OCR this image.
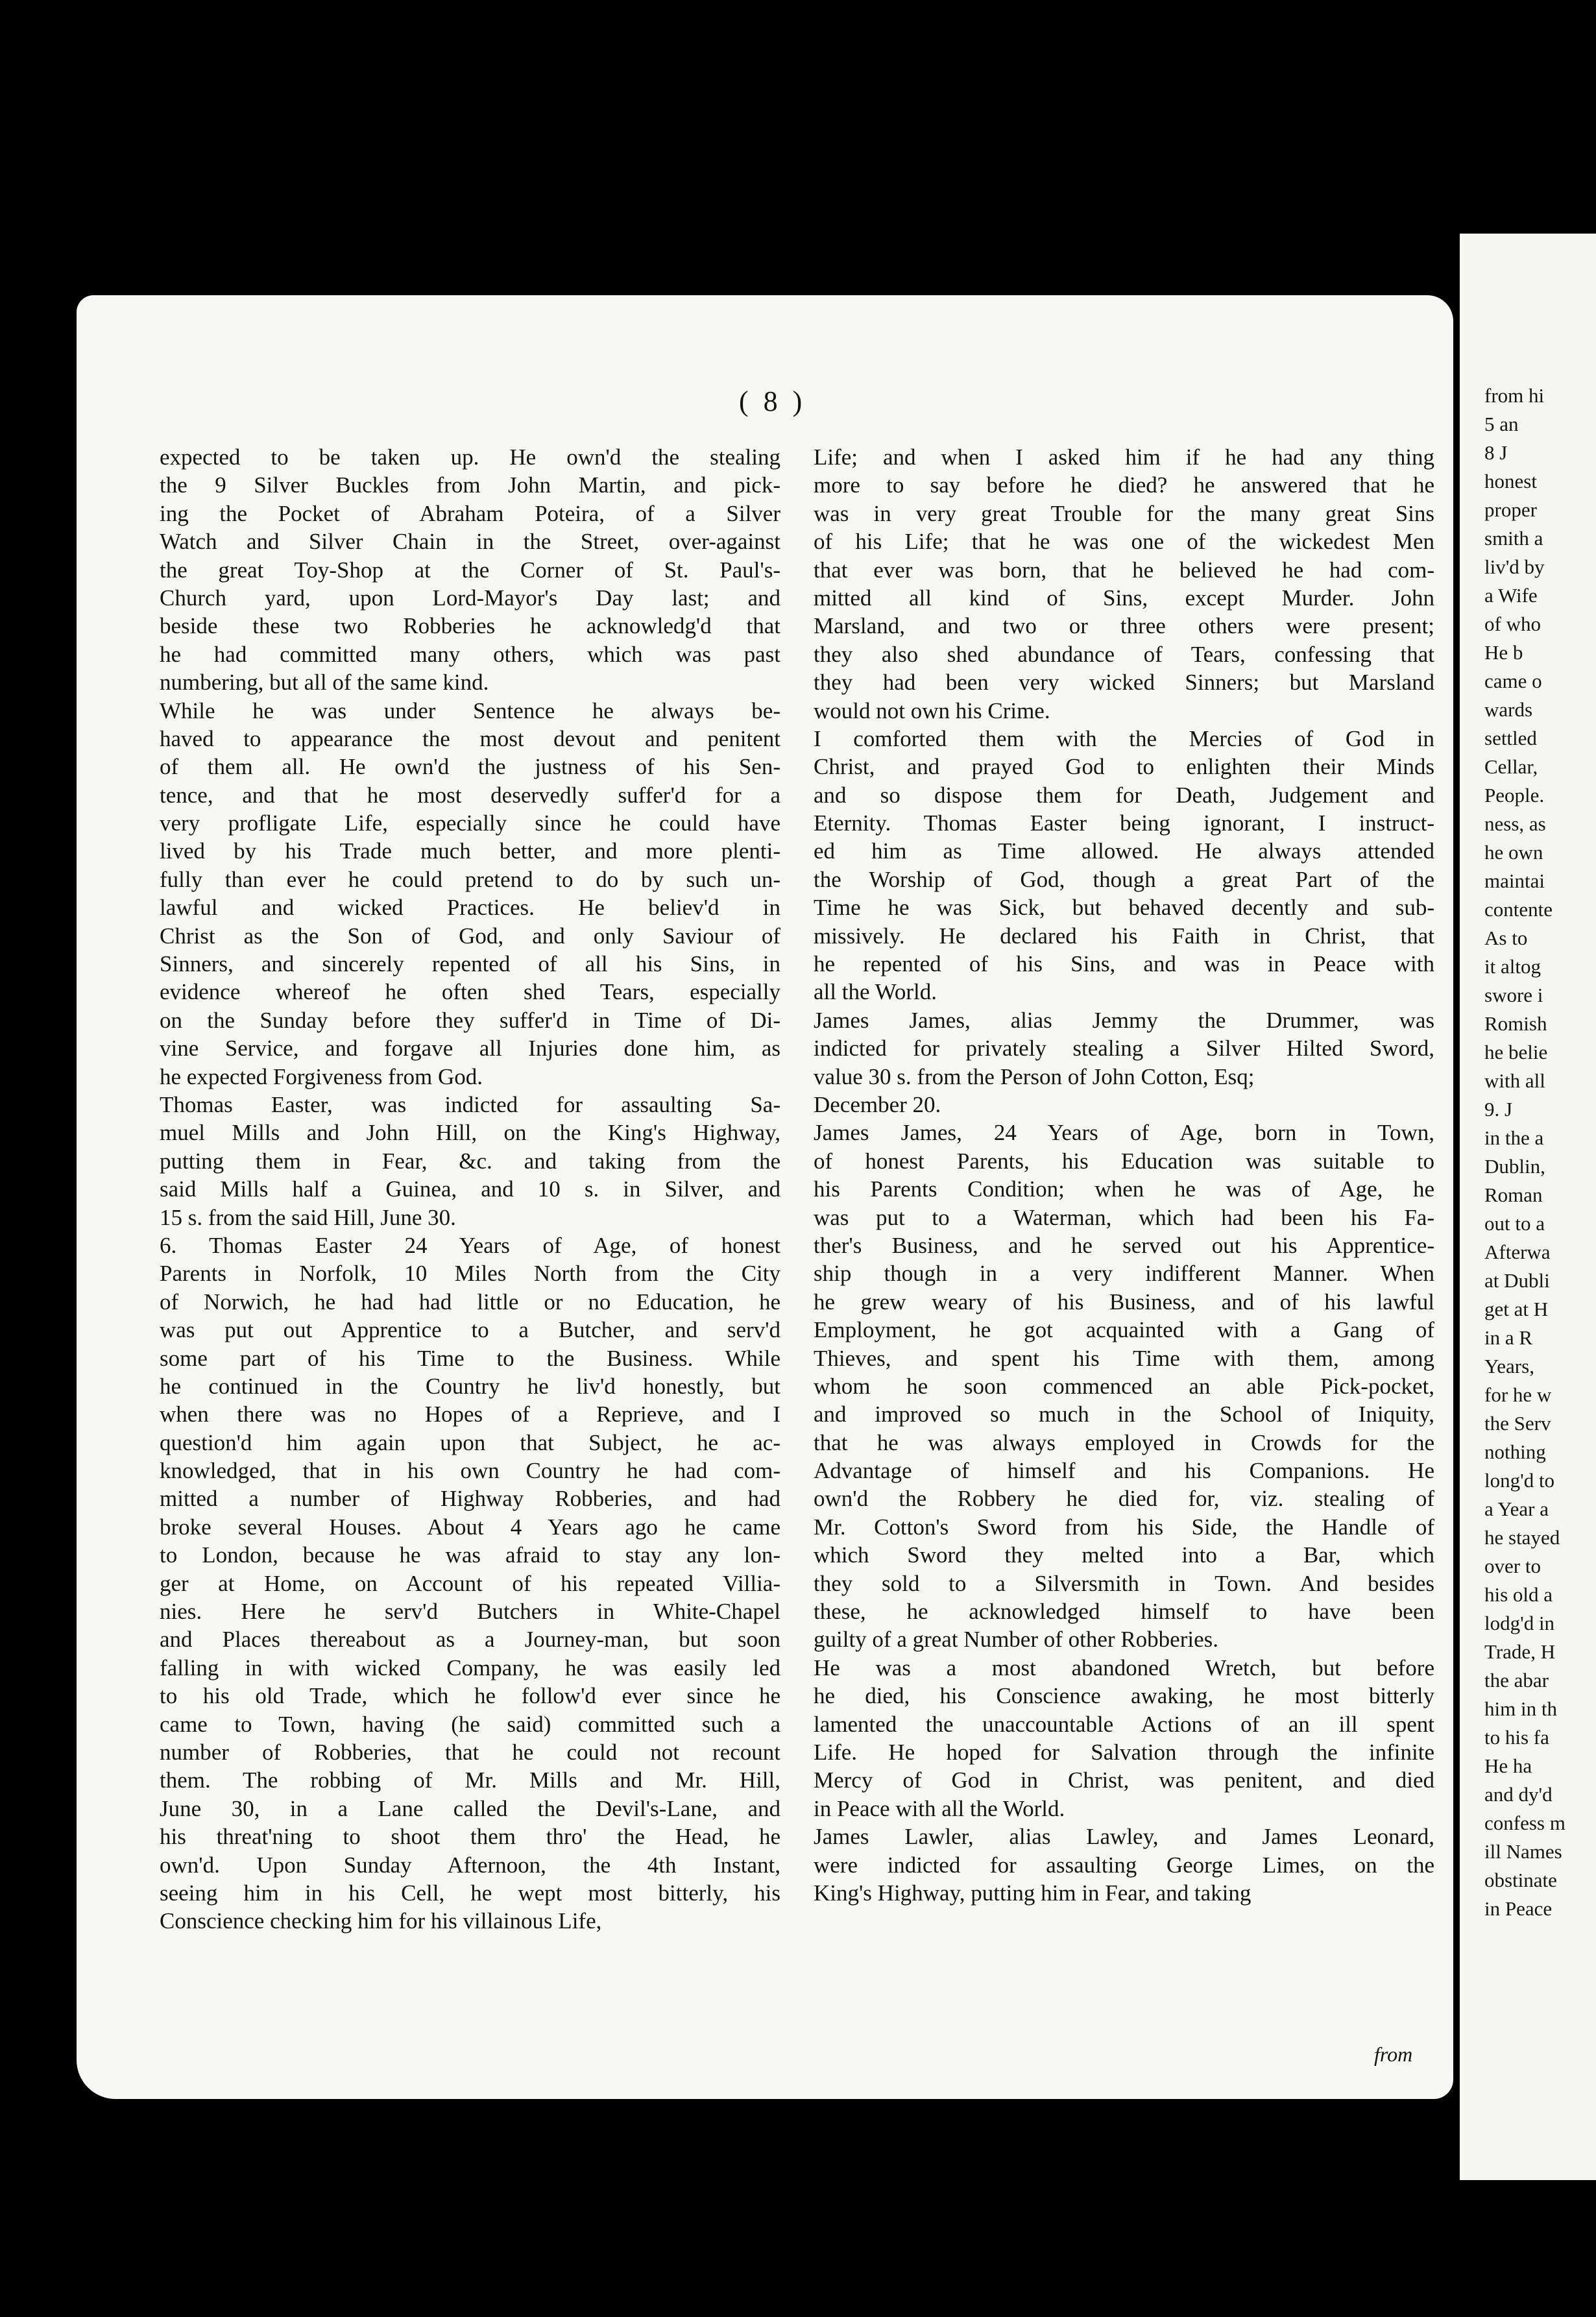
from hi
5 an
8 J
honest
proper
smith a
liv'd by
a Wife
of who
He b
came o
wards
settled
Cellar,
People.
ness, as
he own
maintai
contente
As to
it altog
swore i
Romish
he belie
with all
9. J
in the a
Dublin,
Roman
out to a
Afterwa
at Dubli
get at H
in a R
Years,
for he w
the Serv
nothing
long'd to
a Year a
he stayed
over to
his old a
lodg'd in
Trade, H
the abar
him in th
to his fa
He ha
and dy'd
confess m
ill Names
obstinate
in Peace
( 8 )
expected to be taken up. He own'd the stealing
the 9 Silver Buckles from John Martin, and pick-
ing the Pocket of Abraham Poteira, of a Silver
Watch and Silver Chain in the Street, over-against
the great Toy-Shop at the Corner of St. Paul's-
Church yard, upon Lord-Mayor's Day last; and
beside these two Robberies he acknowledg'd that
he had committed many others, which was past
numbering, but all of the same kind.
While he was under Sentence he always be-
haved to appearance the most devout and penitent
of them all. He own'd the justness of his Sen-
tence, and that he most deservedly suffer'd for a
very profligate Life, especially since he could have
lived by his Trade much better, and more plenti-
fully than ever he could pretend to do by such un-
lawful and wicked Practices. He believ'd in
Christ as the Son of God, and only Saviour of
Sinners, and sincerely repented of all his Sins, in
evidence whereof he often shed Tears, especially
on the Sunday before they suffer'd in Time of Di-
vine Service, and forgave all Injuries done him, as
he expected Forgiveness from God.
Thomas Easter, was indicted for assaulting Sa-
muel Mills and John Hill, on the King's Highway,
putting them in Fear, &c. and taking from the
said Mills half a Guinea, and 10 s. in Silver, and
15 s. from the said Hill, June 30.
6. Thomas Easter 24 Years of Age, of honest
Parents in Norfolk, 10 Miles North from the City
of Norwich, he had had little or no Education, he
was put out Apprentice to a Butcher, and serv'd
some part of his Time to the Business. While
he continued in the Country he liv'd honestly, but
when there was no Hopes of a Reprieve, and I
question'd him again upon that Subject, he ac-
knowledged, that in his own Country he had com-
mitted a number of Highway Robberies, and had
broke several Houses. About 4 Years ago he came
to London, because he was afraid to stay any lon-
ger at Home, on Account of his repeated Villia-
nies. Here he serv'd Butchers in White-Chapel
and Places thereabout as a Journey-man, but soon
falling in with wicked Company, he was easily led
to his old Trade, which he follow'd ever since he
came to Town, having (he said) committed such a
number of Robberies, that he could not recount
them. The robbing of Mr. Mills and Mr. Hill,
June 30, in a Lane called the Devil's-Lane, and
his threat'ning to shoot them thro' the Head, he
own'd. Upon Sunday Afternoon, the 4th Instant,
seeing him in his Cell, he wept most bitterly, his
Conscience checking him for his villainous Life,
Life; and when I asked him if he had any thing
more to say before he died? he answered that he
was in very great Trouble for the many great Sins
of his Life; that he was one of the wickedest Men
that ever was born, that he believed he had com-
mitted all kind of Sins, except Murder. John
Marsland, and two or three others were present;
they also shed abundance of Tears, confessing that
they had been very wicked Sinners; but Marsland
would not own his Crime.
I comforted them with the Mercies of God in
Christ, and prayed God to enlighten their Minds
and so dispose them for Death, Judgement and
Eternity. Thomas Easter being ignorant, I instruct-
ed him as Time allowed. He always attended
the Worship of God, though a great Part of the
Time he was Sick, but behaved decently and sub-
missively. He declared his Faith in Christ, that
he repented of his Sins, and was in Peace with
all the World.
James James, alias Jemmy the Drummer, was
indicted for privately stealing a Silver Hilted Sword,
value 30 s. from the Person of John Cotton, Esq;
December 20.
James James, 24 Years of Age, born in Town,
of honest Parents, his Education was suitable to
his Parents Condition; when he was of Age, he
was put to a Waterman, which had been his Fa-
ther's Business, and he served out his Apprentice-
ship though in a very indifferent Manner. When
he grew weary of his Business, and of his lawful
Employment, he got acquainted with a Gang of
Thieves, and spent his Time with them, among
whom he soon commenced an able Pick-pocket,
and improved so much in the School of Iniquity,
that he was always employed in Crowds for the
Advantage of himself and his Companions. He
own'd the Robbery he died for, viz. stealing of
Mr. Cotton's Sword from his Side, the Handle of
which Sword they melted into a Bar, which
they sold to a Silversmith in Town. And besides
these, he acknowledged himself to have been
guilty of a great Number of other Robberies.
He was a most abandoned Wretch, but before
he died, his Conscience awaking, he most bitterly
lamented the unaccountable Actions of an ill spent
Life. He hoped for Salvation through the infinite
Mercy of God in Christ, was penitent, and died
in Peace with all the World.
James Lawler, alias Lawley, and James Leonard,
were indicted for assaulting George Limes, on the
King's Highway, putting him in Fear, and taking
from
